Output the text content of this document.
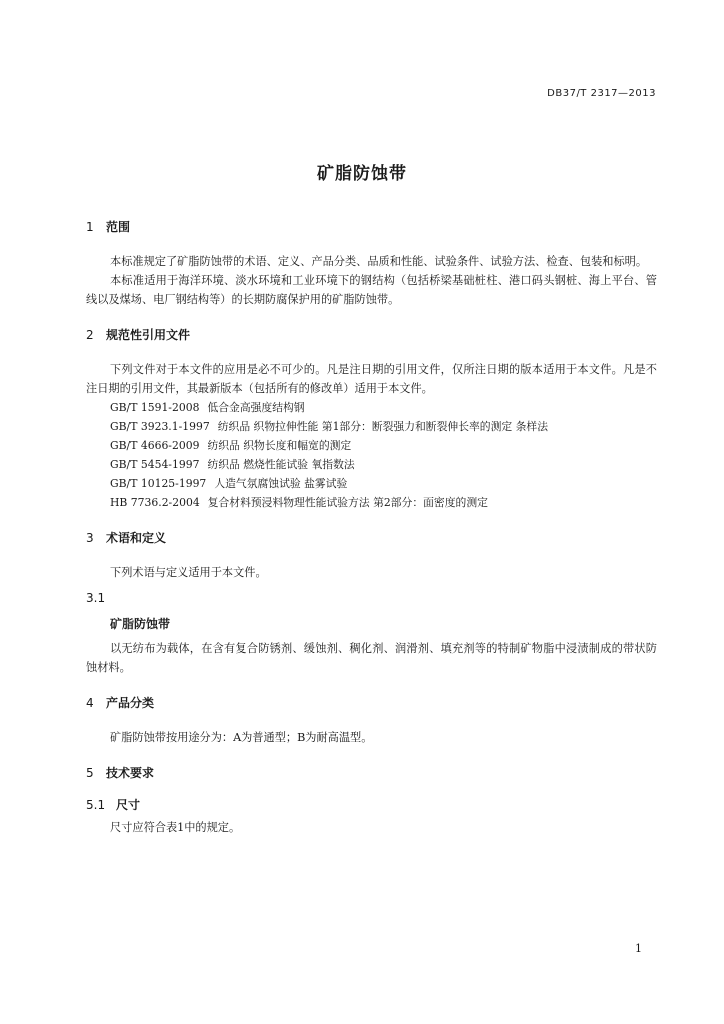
DB37/T 2317—2013
矿脂防蚀带
1 范围

本标准规定了矿脂防蚀带的术语、定义、产品分类、品质和性能、试验条件、试验方法、检查、包装和标明。

本标准适用于海洋环境、淡水环境和工业环境下的钢结构（包括桥梁基础桩柱、港口码头钢桩、海上平台、管线以及煤场、电厂钢结构等）的长期防腐保护用的矿脂防蚀带。

2 规范性引用文件

下列文件对于本文件的应用是必不可少的。凡是注日期的引用文件，仅所注日期的版本适用于本文件。凡是不注日期的引用文件，其最新版本（包括所有的修改单）适用于本文件。

GB/T 1591-2008 低合金高强度结构钢
GB/T 3923.1-1997 纺织品 织物拉伸性能 第1部分：断裂强力和断裂伸长率的测定 条样法
GB/T 4666-2009 纺织品 织物长度和幅宽的测定
GB/T 5454-1997 纺织品 燃烧性能试验 氧指数法
GB/T 10125-1997 人造气氛腐蚀试验 盐雾试验
HB 7736.2-2004 复合材料预浸料物理性能试验方法 第2部分：面密度的测定
3 术语和定义

下列术语与定义适用于本文件。

3.1
矿脂防蚀带

以无纺布为载体，在含有复合防锈剂、缓蚀剂、稠化剂、润滑剂、填充剂等的特制矿物脂中浸渍制成的带状防蚀材料。

4 产品分类

矿脂防蚀带按用途分为：A为普通型；B为耐高温型。

5 技术要求
5.1 尺寸

尺寸应符合表1中的规定。

1
